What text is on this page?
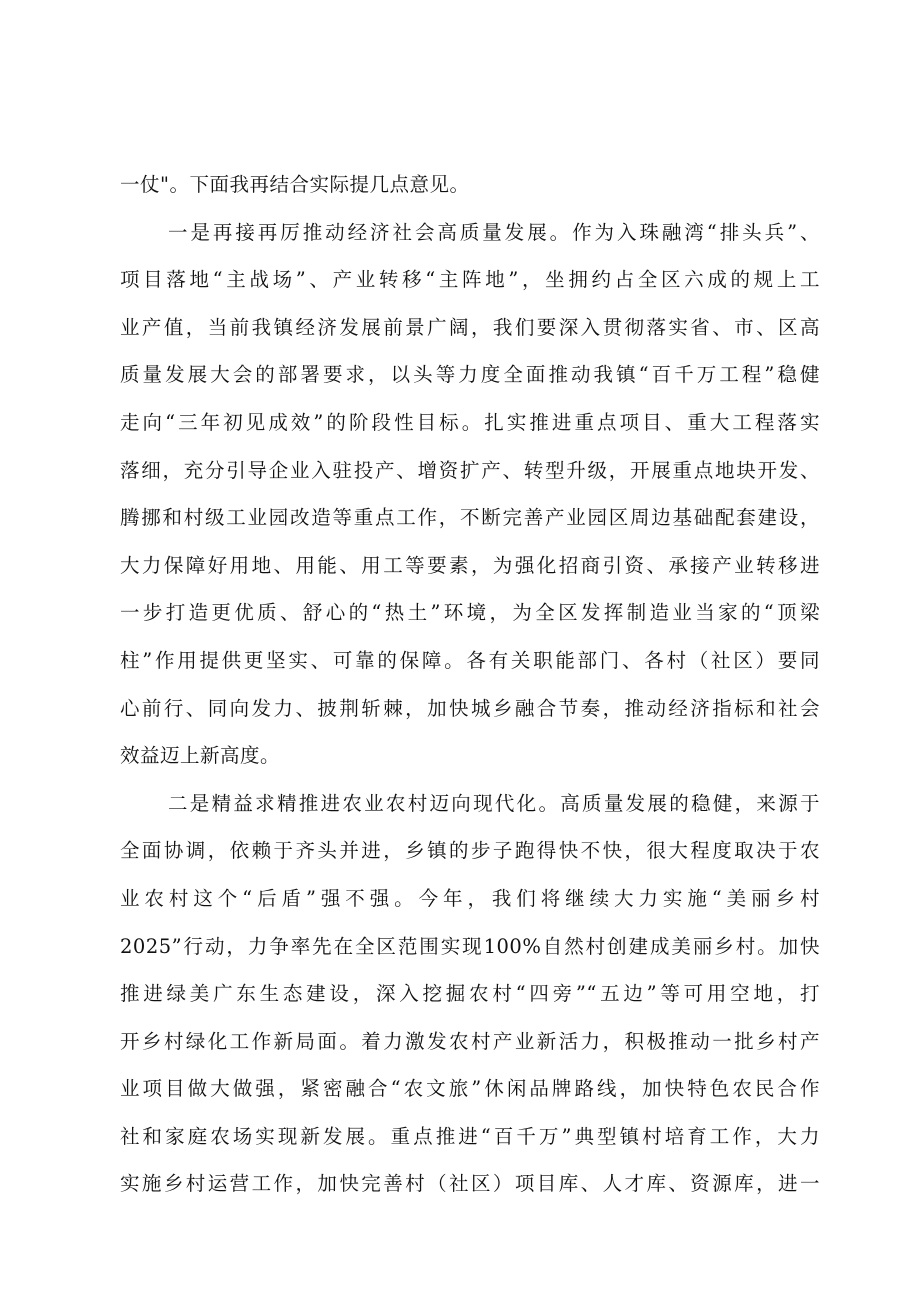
一仗"。下面我再结合实际提几点意见。
一是再接再厉推动经济社会高质量发展。作为入珠融湾“排头兵”、
项目落地“主战场”、产业转移“主阵地”，坐拥约占全区六成的规上工
业产值，当前我镇经济发展前景广阔，我们要深入贯彻落实省、市、区高
质量发展大会的部署要求，以头等力度全面推动我镇“百千万工程”稳健
走向“三年初见成效”的阶段性目标。扎实推进重点项目、重大工程落实
落细，充分引导企业入驻投产、增资扩产、转型升级，开展重点地块开发、
腾挪和村级工业园改造等重点工作，不断完善产业园区周边基础配套建设，
大力保障好用地、用能、用工等要素，为强化招商引资、承接产业转移进
一步打造更优质、舒心的“热土”环境，为全区发挥制造业当家的“顶梁
柱”作用提供更坚实、可靠的保障。各有关职能部门、各村（社区）要同
心前行、同向发力、披荆斩棘，加快城乡融合节奏，推动经济指标和社会
效益迈上新高度。
二是精益求精推进农业农村迈向现代化。高质量发展的稳健，来源于
全面协调，依赖于齐头并进，乡镇的步子跑得快不快，很大程度取决于农
业农村这个“后盾”强不强。今年，我们将继续大力实施“美丽乡村
2025”行动，力争率先在全区范围实现100%自然村创建成美丽乡村。加快
推进绿美广东生态建设，深入挖掘农村“四旁”“五边”等可用空地，打
开乡村绿化工作新局面。着力激发农村产业新活力，积极推动一批乡村产
业项目做大做强，紧密融合“农文旅”休闲品牌路线，加快特色农民合作
社和家庭农场实现新发展。重点推进“百千万”典型镇村培育工作，大力
实施乡村运营工作，加快完善村（社区）项目库、人才库、资源库，进一
